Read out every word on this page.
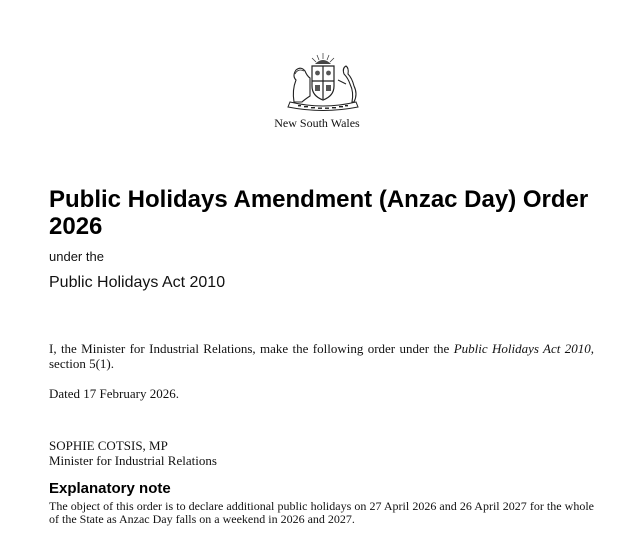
New South Wales
Public Holidays Amendment (Anzac Day) Order 2026

under the

Public Holidays Act 2010

I, the Minister for Industrial Relations, make the following order under the Public Holidays Act 2010, section 5(1).

Dated 17 February 2026.

SOPHIE COTSIS, MP
Minister for Industrial Relations
Explanatory note

The object of this order is to declare additional public holidays on 27 April 2026 and 26 April 2027 for the whole of the State as Anzac Day falls on a weekend in 2026 and 2027.
